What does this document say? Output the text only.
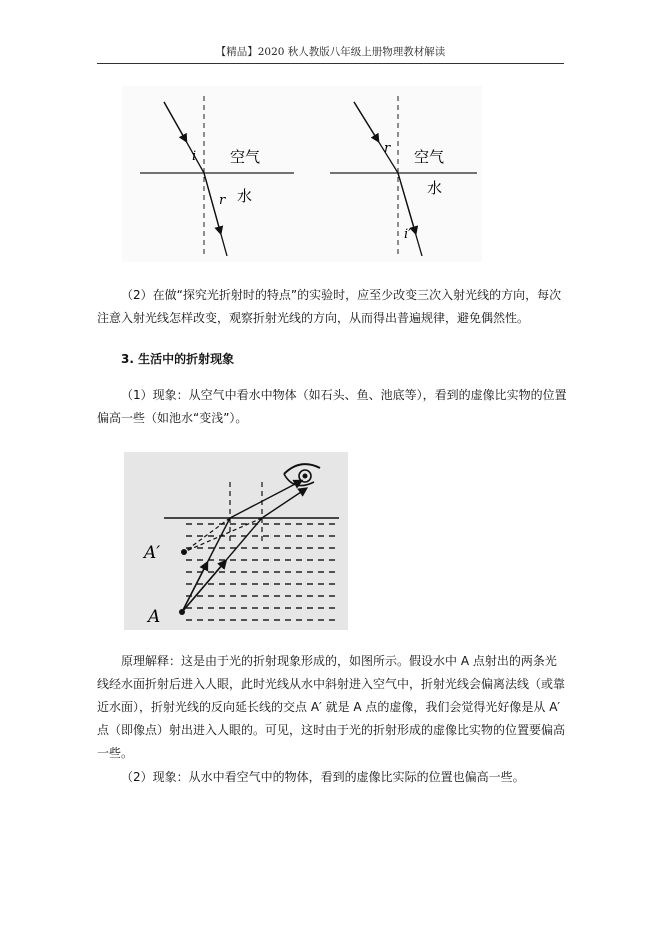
【精品】2020 秋人教版八年级上册物理教材解读
i 空气
r 水
r 空气
水
i′

（2）在做“探究光折射时的特点”的实验时，应至少改变三次入射光线的方向，每次注意入射光线怎样改变，观察折射光线的方向，从而得出普遍规律，避免偶然性。

3. 生活中的折射现象

（1）现象：从空气中看水中物体（如石头、鱼、池底等），看到的虚像比实物的位置偏高一些（如池水“变浅”）。

A′
A

原理解释：这是由于光的折射现象形成的，如图所示。假设水中 A 点射出的两条光线经水面折射后进入人眼，此时光线从水中斜射进入空气中，折射光线会偏离法线（或靠近水面），折射光线的反向延长线的交点 A′ 就是 A 点的虚像，我们会觉得光好像是从 A′ 点（即像点）射出进入人眼的。可见，这时由于光的折射形成的虚像比实物的位置要偏高一些。

（2）现象：从水中看空气中的物体，看到的虚像比实际的位置也偏高一些。
